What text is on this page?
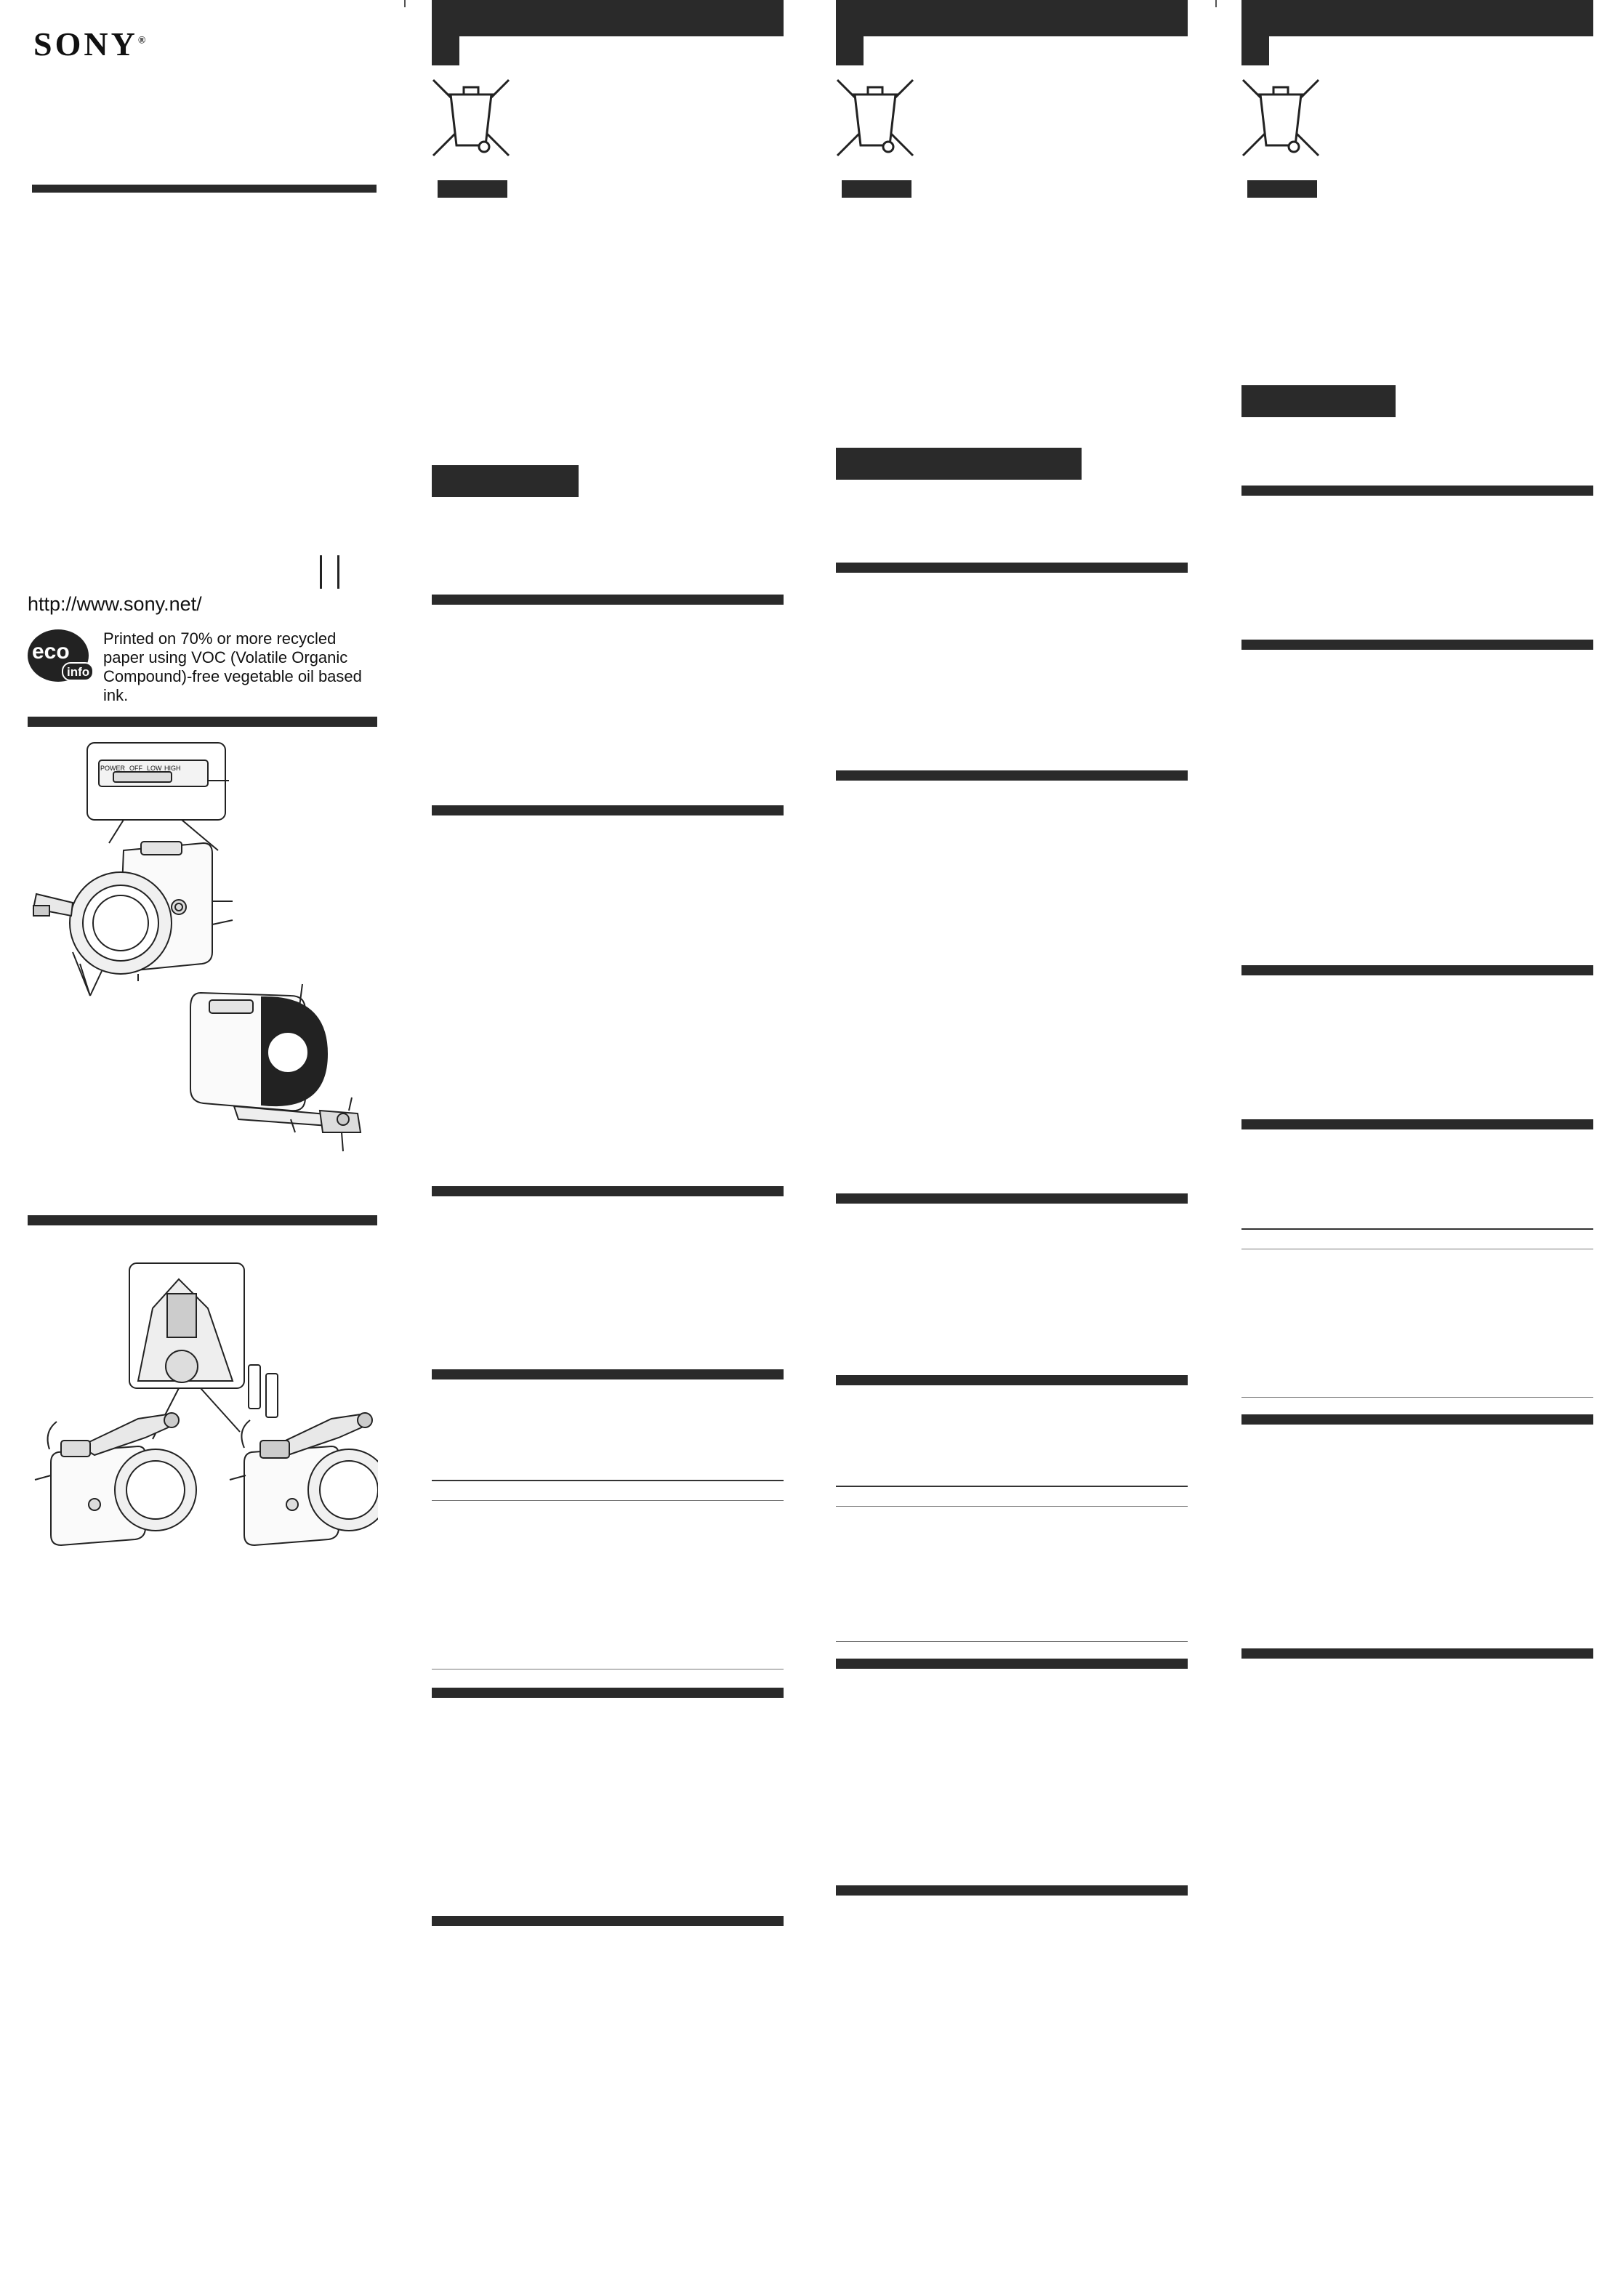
SONY®
http://www.sony.net/
eco
info
Printed on 70% or more recycled paper using VOC (Volatile Organic Compound)-free vegetable oil based ink.
POWER OFF LOW HIGH
